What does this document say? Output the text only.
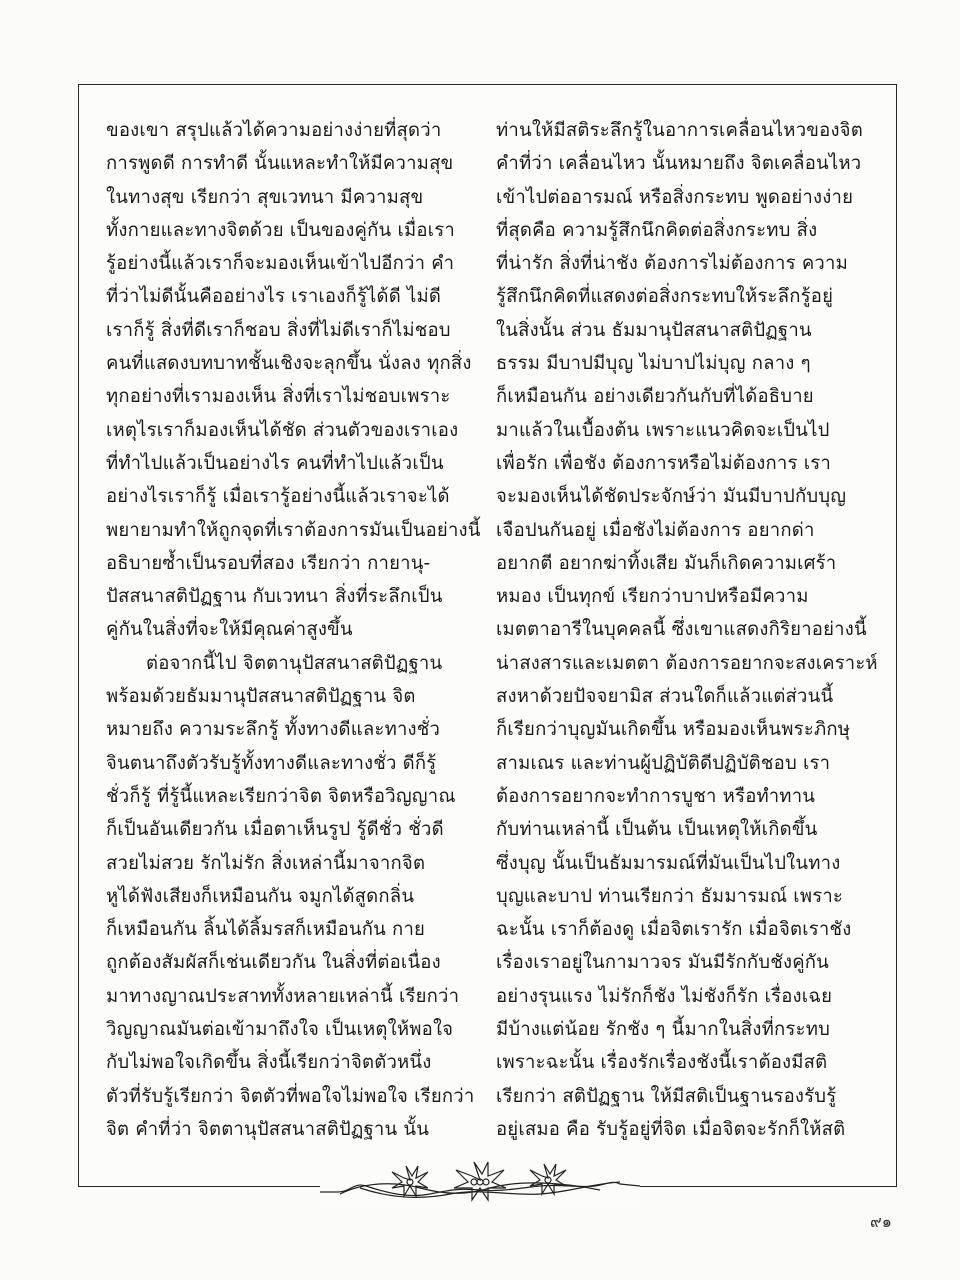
ของเขา สรุปแล้วได้ความอย่างง่ายที่สุดว่า
การพูดดี การทำดี นั้นแหละทำให้มีความสุข
ในทางสุข เรียกว่า สุขเวทนา มีความสุข
ทั้งกายและทางจิตด้วย เป็นของคู่กัน เมื่อเรา
รู้อย่างนี้แล้วเราก็จะมองเห็นเข้าไปอีกว่า คำ
ที่ว่าไม่ดีนั้นคืออย่างไร เราเองก็รู้ได้ดี ไม่ดี
เราก็รู้ สิ่งที่ดีเราก็ชอบ สิ่งที่ไม่ดีเราก็ไม่ชอบ
คนที่แสดงบทบาทชั้นเชิงจะลุกขึ้น นั่งลง ทุกสิ่ง
ทุกอย่างที่เรามองเห็น สิ่งที่เราไม่ชอบเพราะ
เหตุไรเราก็มองเห็นได้ชัด ส่วนตัวของเราเอง
ที่ทำไปแล้วเป็นอย่างไร คนที่ทำไปแล้วเป็น
อย่างไรเราก็รู้ เมื่อเรารู้อย่างนี้แล้วเราจะได้
พยายามทำให้ถูกจุดที่เราต้องการมันเป็นอย่างนี้
อธิบายซ้ำเป็นรอบที่สอง เรียกว่า กายานุ-
ปัสสนาสติปัฏฐาน กับเวทนา สิ่งที่ระลึกเป็น
คู่กันในสิ่งที่จะให้มีคุณค่าสูงขึ้น
ต่อจากนี้ไป จิตตานุปัสสนาสติปัฏฐาน
พร้อมด้วยธัมมานุปัสสนาสติปัฏฐาน จิต
หมายถึง ความระลึกรู้ ทั้งทางดีและทางชั่ว
จินตนาถึงตัวรับรู้ทั้งทางดีและทางชั่ว ดีก็รู้
ชั่วก็รู้ ที่รู้นี้แหละเรียกว่าจิต จิตหรือวิญญาณ
ก็เป็นอันเดียวกัน เมื่อตาเห็นรูป รู้ดีชั่ว ชั่วดี
สวยไม่สวย รักไม่รัก สิ่งเหล่านี้มาจากจิต
หูได้ฟังเสียงก็เหมือนกัน จมูกได้สูดกลิ่น
ก็เหมือนกัน ลิ้นได้ลิ้มรสก็เหมือนกัน กาย
ถูกต้องสัมผัสก็เช่นเดียวกัน ในสิ่งที่ต่อเนื่อง
มาทางญาณประสาททั้งหลายเหล่านี้ เรียกว่า
วิญญาณมันต่อเข้ามาถึงใจ เป็นเหตุให้พอใจ
กับไม่พอใจเกิดขึ้น สิ่งนี้เรียกว่าจิตตัวหนึ่ง
ตัวที่รับรู้เรียกว่า จิตตัวที่พอใจไม่พอใจ เรียกว่า
จิต คำที่ว่า จิตตานุปัสสนาสติปัฏฐาน นั้น
ท่านให้มีสติระลึกรู้ในอาการเคลื่อนไหวของจิต
คำที่ว่า เคลื่อนไหว นั้นหมายถึง จิตเคลื่อนไหว
เข้าไปต่ออารมณ์ หรือสิ่งกระทบ พูดอย่างง่าย
ที่สุดคือ ความรู้สึกนึกคิดต่อสิ่งกระทบ สิ่ง
ที่น่ารัก สิ่งที่น่าชัง ต้องการไม่ต้องการ ความ
รู้สึกนึกคิดที่แสดงต่อสิ่งกระทบให้ระลึกรู้อยู่
ในสิ่งนั้น ส่วน ธัมมานุปัสสนาสติปัฏฐาน
ธรรม มีบาปมีบุญ ไม่บาปไม่บุญ กลาง ๆ
ก็เหมือนกัน อย่างเดียวกันกับที่ได้อธิบาย
มาแล้วในเบื้องต้น เพราะแนวคิดจะเป็นไป
เพื่อรัก เพื่อชัง ต้องการหรือไม่ต้องการ เรา
จะมองเห็นได้ชัดประจักษ์ว่า มันมีบาปกับบุญ
เจือปนกันอยู่ เมื่อชังไม่ต้องการ อยากด่า
อยากตี อยากฆ่าทิ้งเสีย มันก็เกิดความเศร้า
หมอง เป็นทุกข์ เรียกว่าบาปหรือมีความ
เมตตาอารีในบุคคลนี้ ซึ่งเขาแสดงกิริยาอย่างนี้
น่าสงสารและเมตตา ต้องการอยากจะสงเคราะห์
สงหาด้วยปัจจยามิส ส่วนใดก็แล้วแต่ส่วนนี้
ก็เรียกว่าบุญมันเกิดขึ้น หรือมองเห็นพระภิกษุ
สามเณร และท่านผู้ปฏิบัติดีปฏิบัติชอบ เรา
ต้องการอยากจะทำการบูชา หรือทำทาน
กับท่านเหล่านี้ เป็นต้น เป็นเหตุให้เกิดขึ้น
ซึ่งบุญ นั้นเป็นธัมมารมณ์ที่มันเป็นไปในทาง
บุญและบาป ท่านเรียกว่า ธัมมารมณ์ เพราะ
ฉะนั้น เราก็ต้องดู เมื่อจิตเรารัก เมื่อจิตเราชัง
เรื่องเราอยู่ในกามาวจร มันมีรักกับชังคู่กัน
อย่างรุนแรง ไม่รักก็ชัง ไม่ชังก็รัก เรื่องเฉย
มีบ้างแต่น้อย รักชัง ๆ นี้มากในสิ่งที่กระทบ
เพราะฉะนั้น เรื่องรักเรื่องชังนี้เราต้องมีสติ
เรียกว่า สติปัฏฐาน ให้มีสติเป็นฐานรองรับรู้
อยู่เสมอ คือ รับรู้อยู่ที่จิต เมื่อจิตจะรักก็ให้สติ
๙๑
